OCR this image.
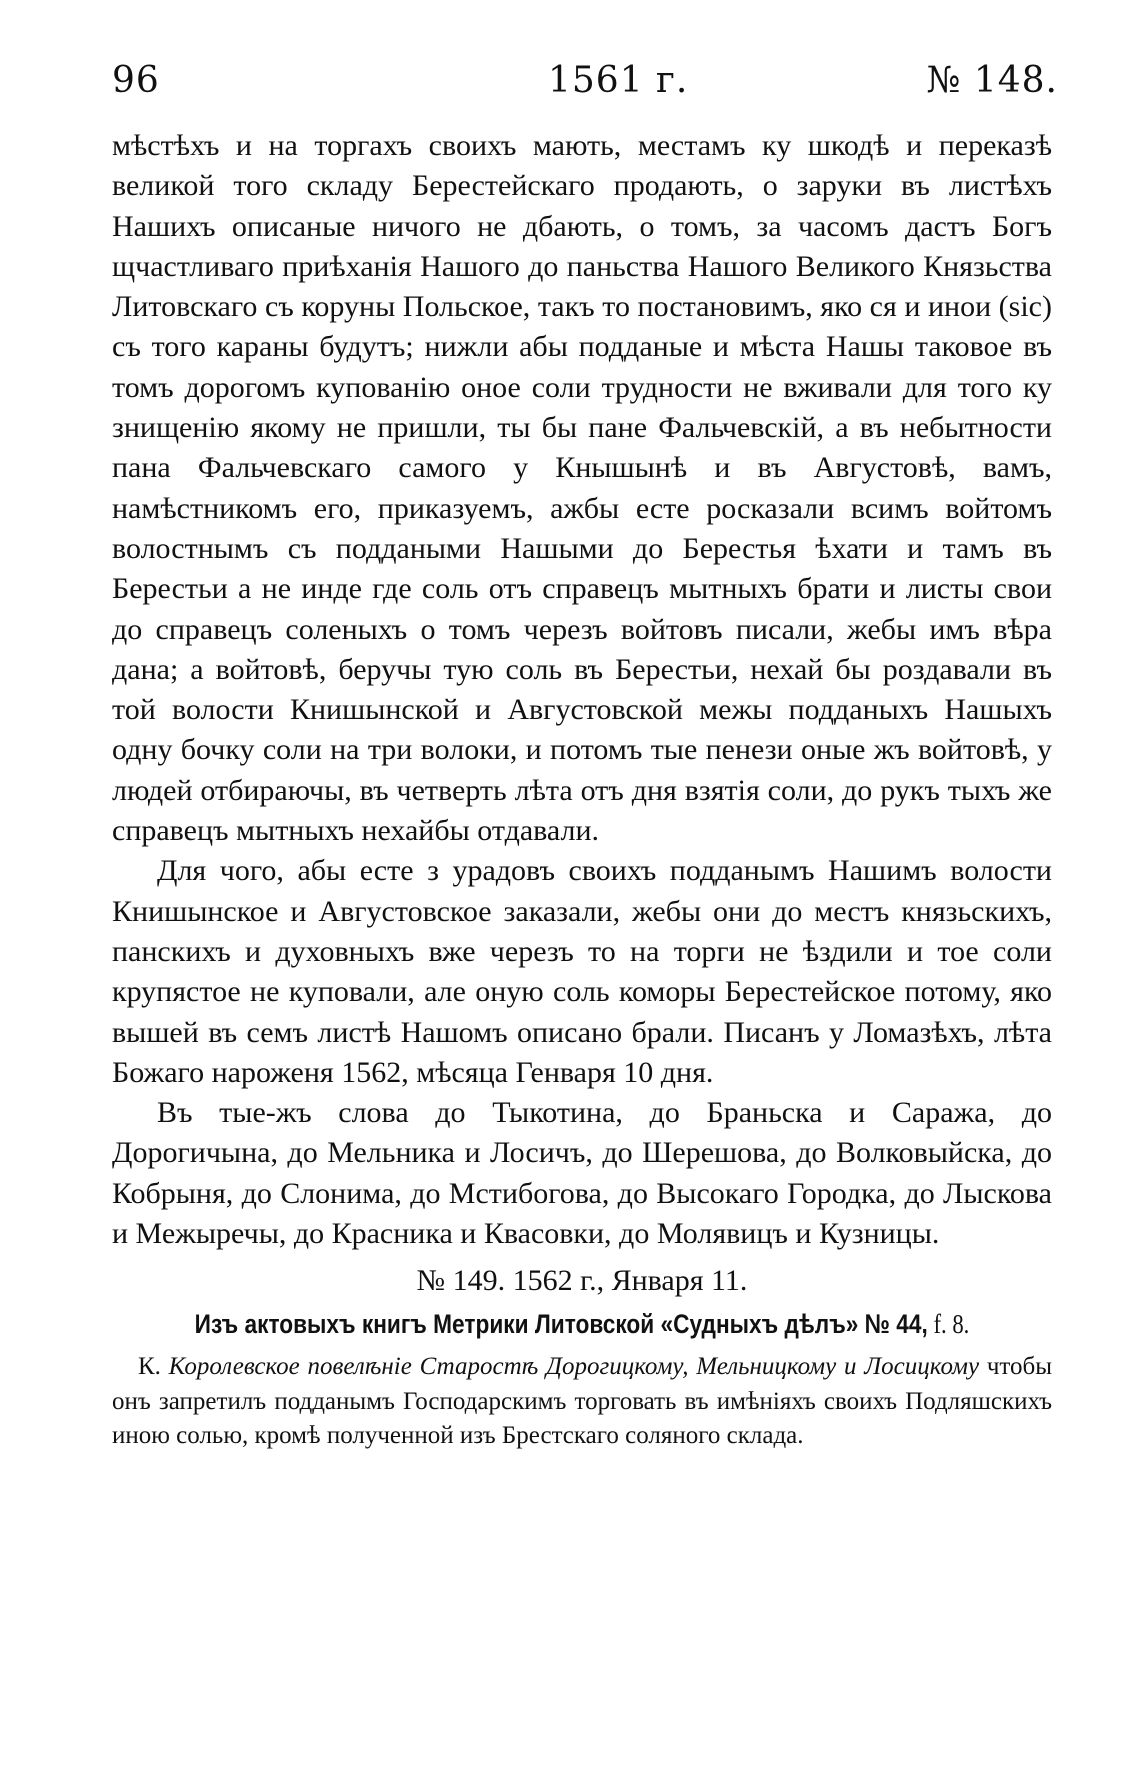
96	1561 г.	№ 148.

мѣстѣхъ и на торгахъ своихъ мають, местамъ ку шкодѣ и переказѣ великой того складу Берестейскаго продають, о заруки въ листѣхъ Нашихъ описаные ничого не дбають, о томъ, за часомъ дастъ Богъ щчастливаго приѣханія Нашого до паньства Нашого Великого Князьства Литовскаго съ коруны Польское, такъ то постановимъ, яко ся и инои (sic) съ того караны будутъ; нижли абы подданые и мѣста Нашы таковое въ томъ дорогомъ купованію оное соли трудности не вживали для того ку знищенію якому не пришли, ты бы пане Фальчевскій, а въ небытности пана Фальчевскаго самого у Кнышынѣ и въ Августовѣ, вамъ, намѣстникомъ его, приказуемъ, ажбы есте росказали всимъ войтомъ волостнымъ съ поддаными Нашыми до Берестья ѣхати и тамъ въ Берестьи а не инде где соль отъ справецъ мытныхъ брати и листы свои до справецъ соленыхъ о томъ черезъ войтовъ писали, жебы имъ вѣра дана; а войтовѣ, беручы тую соль въ Берестьи, нехай бы роздавали въ той волости Книшынской и Августовской межы подданыхъ Нашыхъ одну бочку соли на три волоки, и потомъ тые пенези оные жъ войтовѣ, у людей отбираючы, въ четверть лѣта отъ дня взятія соли, до рукъ тыхъ же справецъ мытныхъ нехайбы отдавали.

Для чого, абы есте з урадовъ своихъ подданымъ Нашимъ волости Книшынское и Августовское заказали, жебы они до местъ князьскихъ, панскихъ и духовныхъ вже черезъ то на торги не ѣздили и тое соли крупястое не куповали, але оную соль коморы Берестейское потому, яко вышей въ семъ листѣ Нашомъ описано брали. Писанъ у Ломазѣхъ, лѣта Божаго нароженя 1562, мѣсяца Генваря 10 дня.

Въ тые-жъ слова до Тыкотина, до Браньска и Саража, до Дорогичына, до Мельника и Лосичъ, до Шерешова, до Волковыйска, до Кобрыня, до Слонима, до Мстибогова, до Высокаго Городка, до Лыскова и Межыречы, до Красника и Квасовки, до Молявицъ и Кузницы.

№ 149. 1562 г., Января 11.
Изъ актовыхъ книгъ Метрики Литовской «Судныхъ дѣлъ» № 44, f. 8.
К. Королевское повелѣніе Старостѣ Дорогицкому, Мельницкому и Лосицкому чтобы онъ запретилъ подданымъ Господарскимъ торговать въ имѣніяхъ своихъ Подляшскихъ иною солью, кромѣ полученной изъ Брестскаго соляного склада.
